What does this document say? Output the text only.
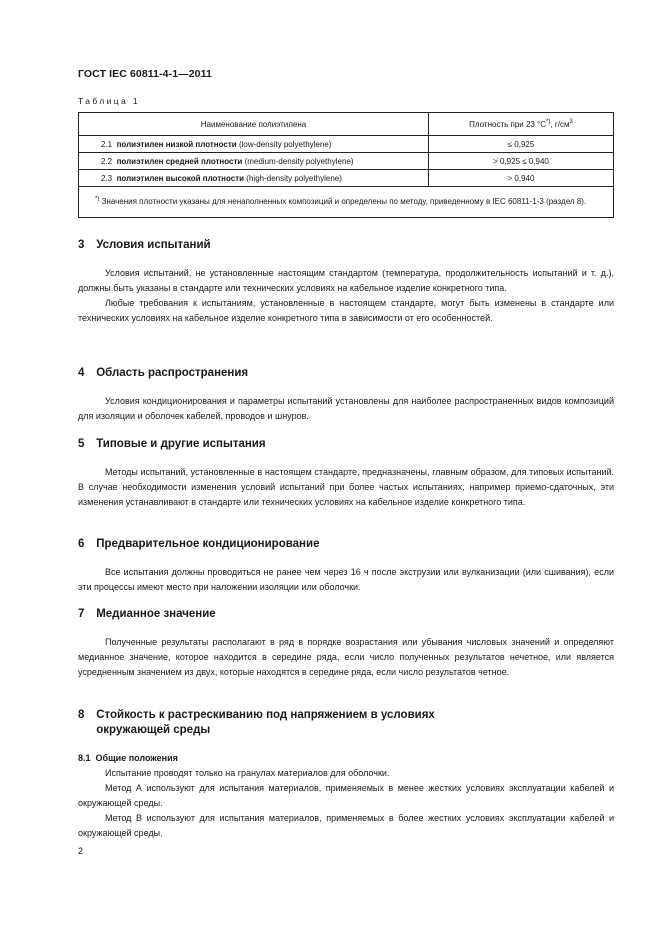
ГОСТ IEC 60811-4-1—2011
Таблица 1
Наименование полиэтилена	Плотность при 23 °С*), $г/см^3$
2.1 полиэтилен низкой плотности (low-density polyethylene)	≤ 0,925
2.2 полиэтилен средней плотности (medium-density polyethylene)	> 0,925 ≤ 0,940
2.3 полиэтилен высокой плотности (high-density polyethylene)	> 0,940
*) Значения плотности указаны для ненаполненных композиций и определены по методу, приведенному в IEC 60811-1-3 (раздел 8).	
3 Условия испытаний

Условия испытаний, не установленные настоящим стандартом (температура, продолжительность испытаний и т. д.), должны быть указаны в стандарте или технических условиях на кабельное изделие конкретного типа.

Любые требования к испытаниям, установленные в настоящем стандарте, могут быть изменены в стандарте или технических условиях на кабельное изделие конкретного типа в зависимости от его особенностей.

4 Область распространения

Условия кондиционирования и параметры испытаний установлены для наиболее распространенных видов композиций для изоляции и оболочек кабелей, проводов и шнуров.

5 Типовые и другие испытания

Методы испытаний, установленные в настоящем стандарте, предназначены, главным образом, для типовых испытаний. В случае необходимости изменения условий испытаний при более частых испытаниях, например приемо-сдаточных, эти изменения устанавливают в стандарте или технических условиях на кабельное изделие конкретного типа.

6 Предварительное кондиционирование

Все испытания должны проводиться не ранее чем через 16 ч после экструзии или вулканизации (или сшивания), если эти процессы имеют место при наложении изоляции или оболочки.

7 Медианное значение

Полученные результаты располагают в ряд в порядке возрастания или убывания числовых значений и определяют медианное значение, которое находится в середине ряда, если число полученных результатов нечетное, или является усредненным значением из двух, которые находятся в середине ряда, если число результатов четное.

8 Стойкость к растрескиванию под напряжением в условиях
окружающей среды
8.1 Общие положения

Испытание проводят только на гранулах материалов для оболочки.

Метод А используют для испытания материалов, применяемых в менее жестких условиях эксплуатации кабелей и окружающей среды.

Метод В используют для испытания материалов, применяемых в более жестких условиях эксплуатации кабелей и окружающей среды.

2
